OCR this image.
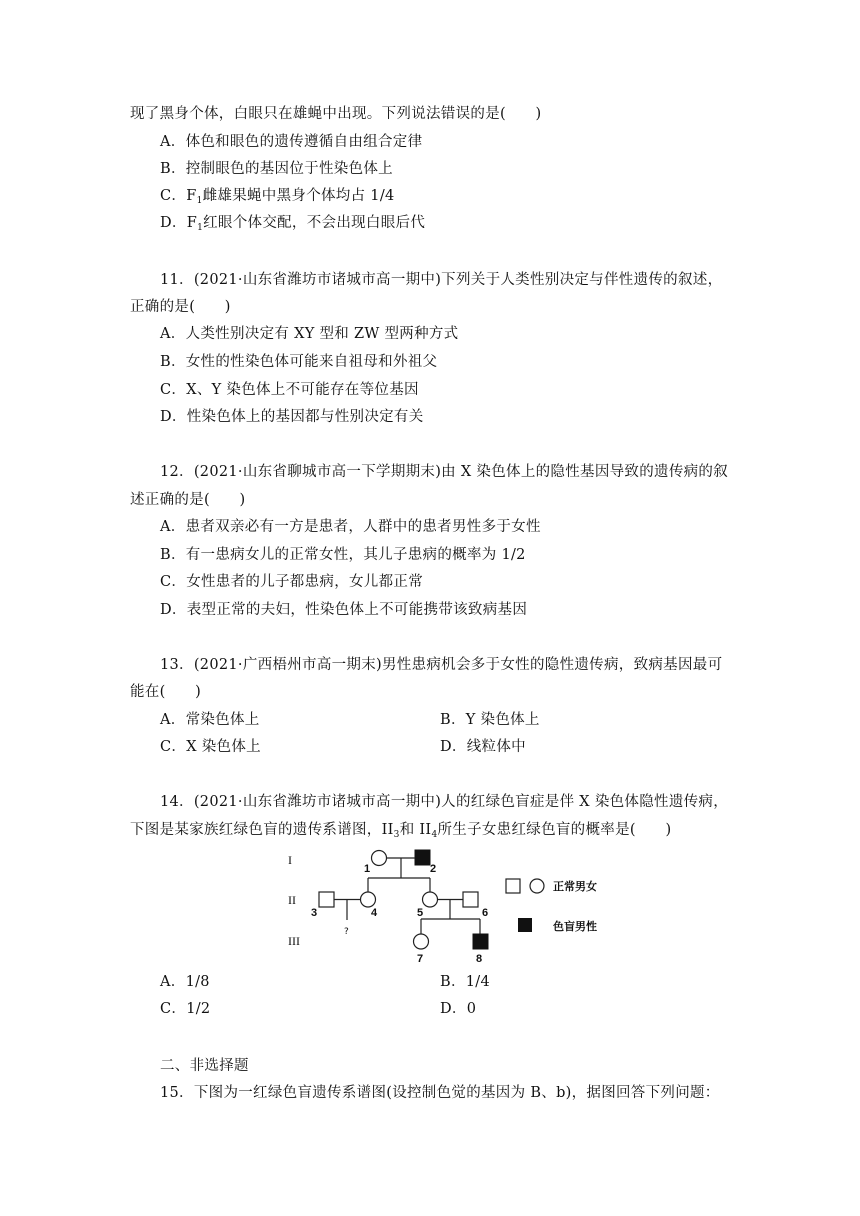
现了黑身个体，白眼只在雄蝇中出现。下列说法错误的是(　　)
A．体色和眼色的遗传遵循自由组合定律
B．控制眼色的基因位于性染色体上
C．$F_1$雌雄果蝇中黑身个体均占 1/4
D．$F_1$红眼个体交配，不会出现白眼后代
11．(2021·山东省潍坊市诸城市高一期中)下列关于人类性别决定与伴性遗传的叙述，
正确的是(　　)
A．人类性别决定有 XY 型和 ZW 型两种方式
B．女性的性染色体可能来自祖母和外祖父
C．X、Y 染色体上不可能存在等位基因
D．性染色体上的基因都与性别决定有关
12．(2021·山东省聊城市高一下学期期末)由 X 染色体上的隐性基因导致的遗传病的叙
述正确的是(　　)
A．患者双亲必有一方是患者，人群中的患者男性多于女性
B．有一患病女儿的正常女性，其儿子患病的概率为 1/2
C．女性患者的儿子都患病，女儿都正常
D．表型正常的夫妇，性染色体上不可能携带该致病基因
13．(2021·广西梧州市高一期末)男性患病机会多于女性的隐性遗传病，致病基因最可
能在(　　)
A．常染色体上	B．Y 染色体上
C．X 染色体上	D．线粒体中
14．(2021·山东省潍坊市诸城市高一期中)人的红绿色盲症是伴 X 染色体隐性遗传病，
下图是某家族红绿色盲的遗传系谱图，$II_3$和 $II_4$所生子女患红绿色盲的概率是(　　)
I
II
III
1	2
?
3	4	5	6
7	8
正常男女
色盲男性
A．1/8	B．1/4
C．1/2	D．0
二、非选择题
15．下图为一红绿色盲遗传系谱图(设控制色觉的基因为 B、b)，据图回答下列问题：
